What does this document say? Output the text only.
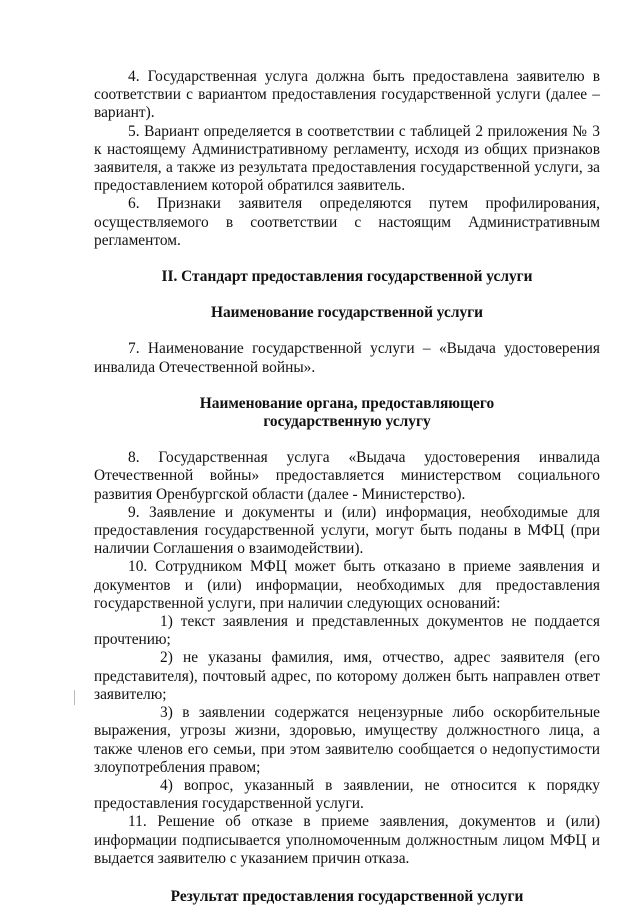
4. Государственная услуга должна быть предоставлена заявителю в соответствии с вариантом предоставления государственной услуги (далее – вариант).

5. Вариант определяется в соответствии с таблицей 2 приложения № 3 к настоящему Административному регламенту, исходя из общих признаков заявителя, а также из результата предоставления государственной услуги, за предоставлением которой обратился заявитель.

6. Признаки заявителя определяются путем профилирования, осуществляемого в соответствии с настоящим Административным регламентом.

II. Стандарт предоставления государственной услуги
Наименование государственной услуги

7. Наименование государственной услуги – «Выдача удостоверения инвалида Отечественной войны».

Наименование органа, предоставляющего
государственную услугу

8. Государственная услуга «Выдача удостоверения инвалида Отечественной войны» предоставляется министерством социального развития Оренбургской области (далее - Министерство).

9. Заявление и документы и (или) информация, необходимые для предоставления государственной услуги, могут быть поданы в МФЦ (при наличии Соглашения о взаимодействии).

10. Сотрудником МФЦ может быть отказано в приеме заявления и документов и (или) информации, необходимых для предоставления государственной услуги, при наличии следующих оснований:

1) текст заявления и представленных документов не поддается прочтению;

2) не указаны фамилия, имя, отчество, адрес заявителя (его представителя), почтовый адрес, по которому должен быть направлен ответ заявителю;

3) в заявлении содержатся нецензурные либо оскорбительные выражения, угрозы жизни, здоровью, имуществу должностного лица, а также членов его семьи, при этом заявителю сообщается о недопустимости злоупотребления правом;

4) вопрос, указанный в заявлении, не относится к порядку предоставления государственной услуги.

11. Решение об отказе в приеме заявления, документов и (или) информации подписывается уполномоченным должностным лицом МФЦ и выдается заявителю с указанием причин отказа.

Результат предоставления государственной услуги
